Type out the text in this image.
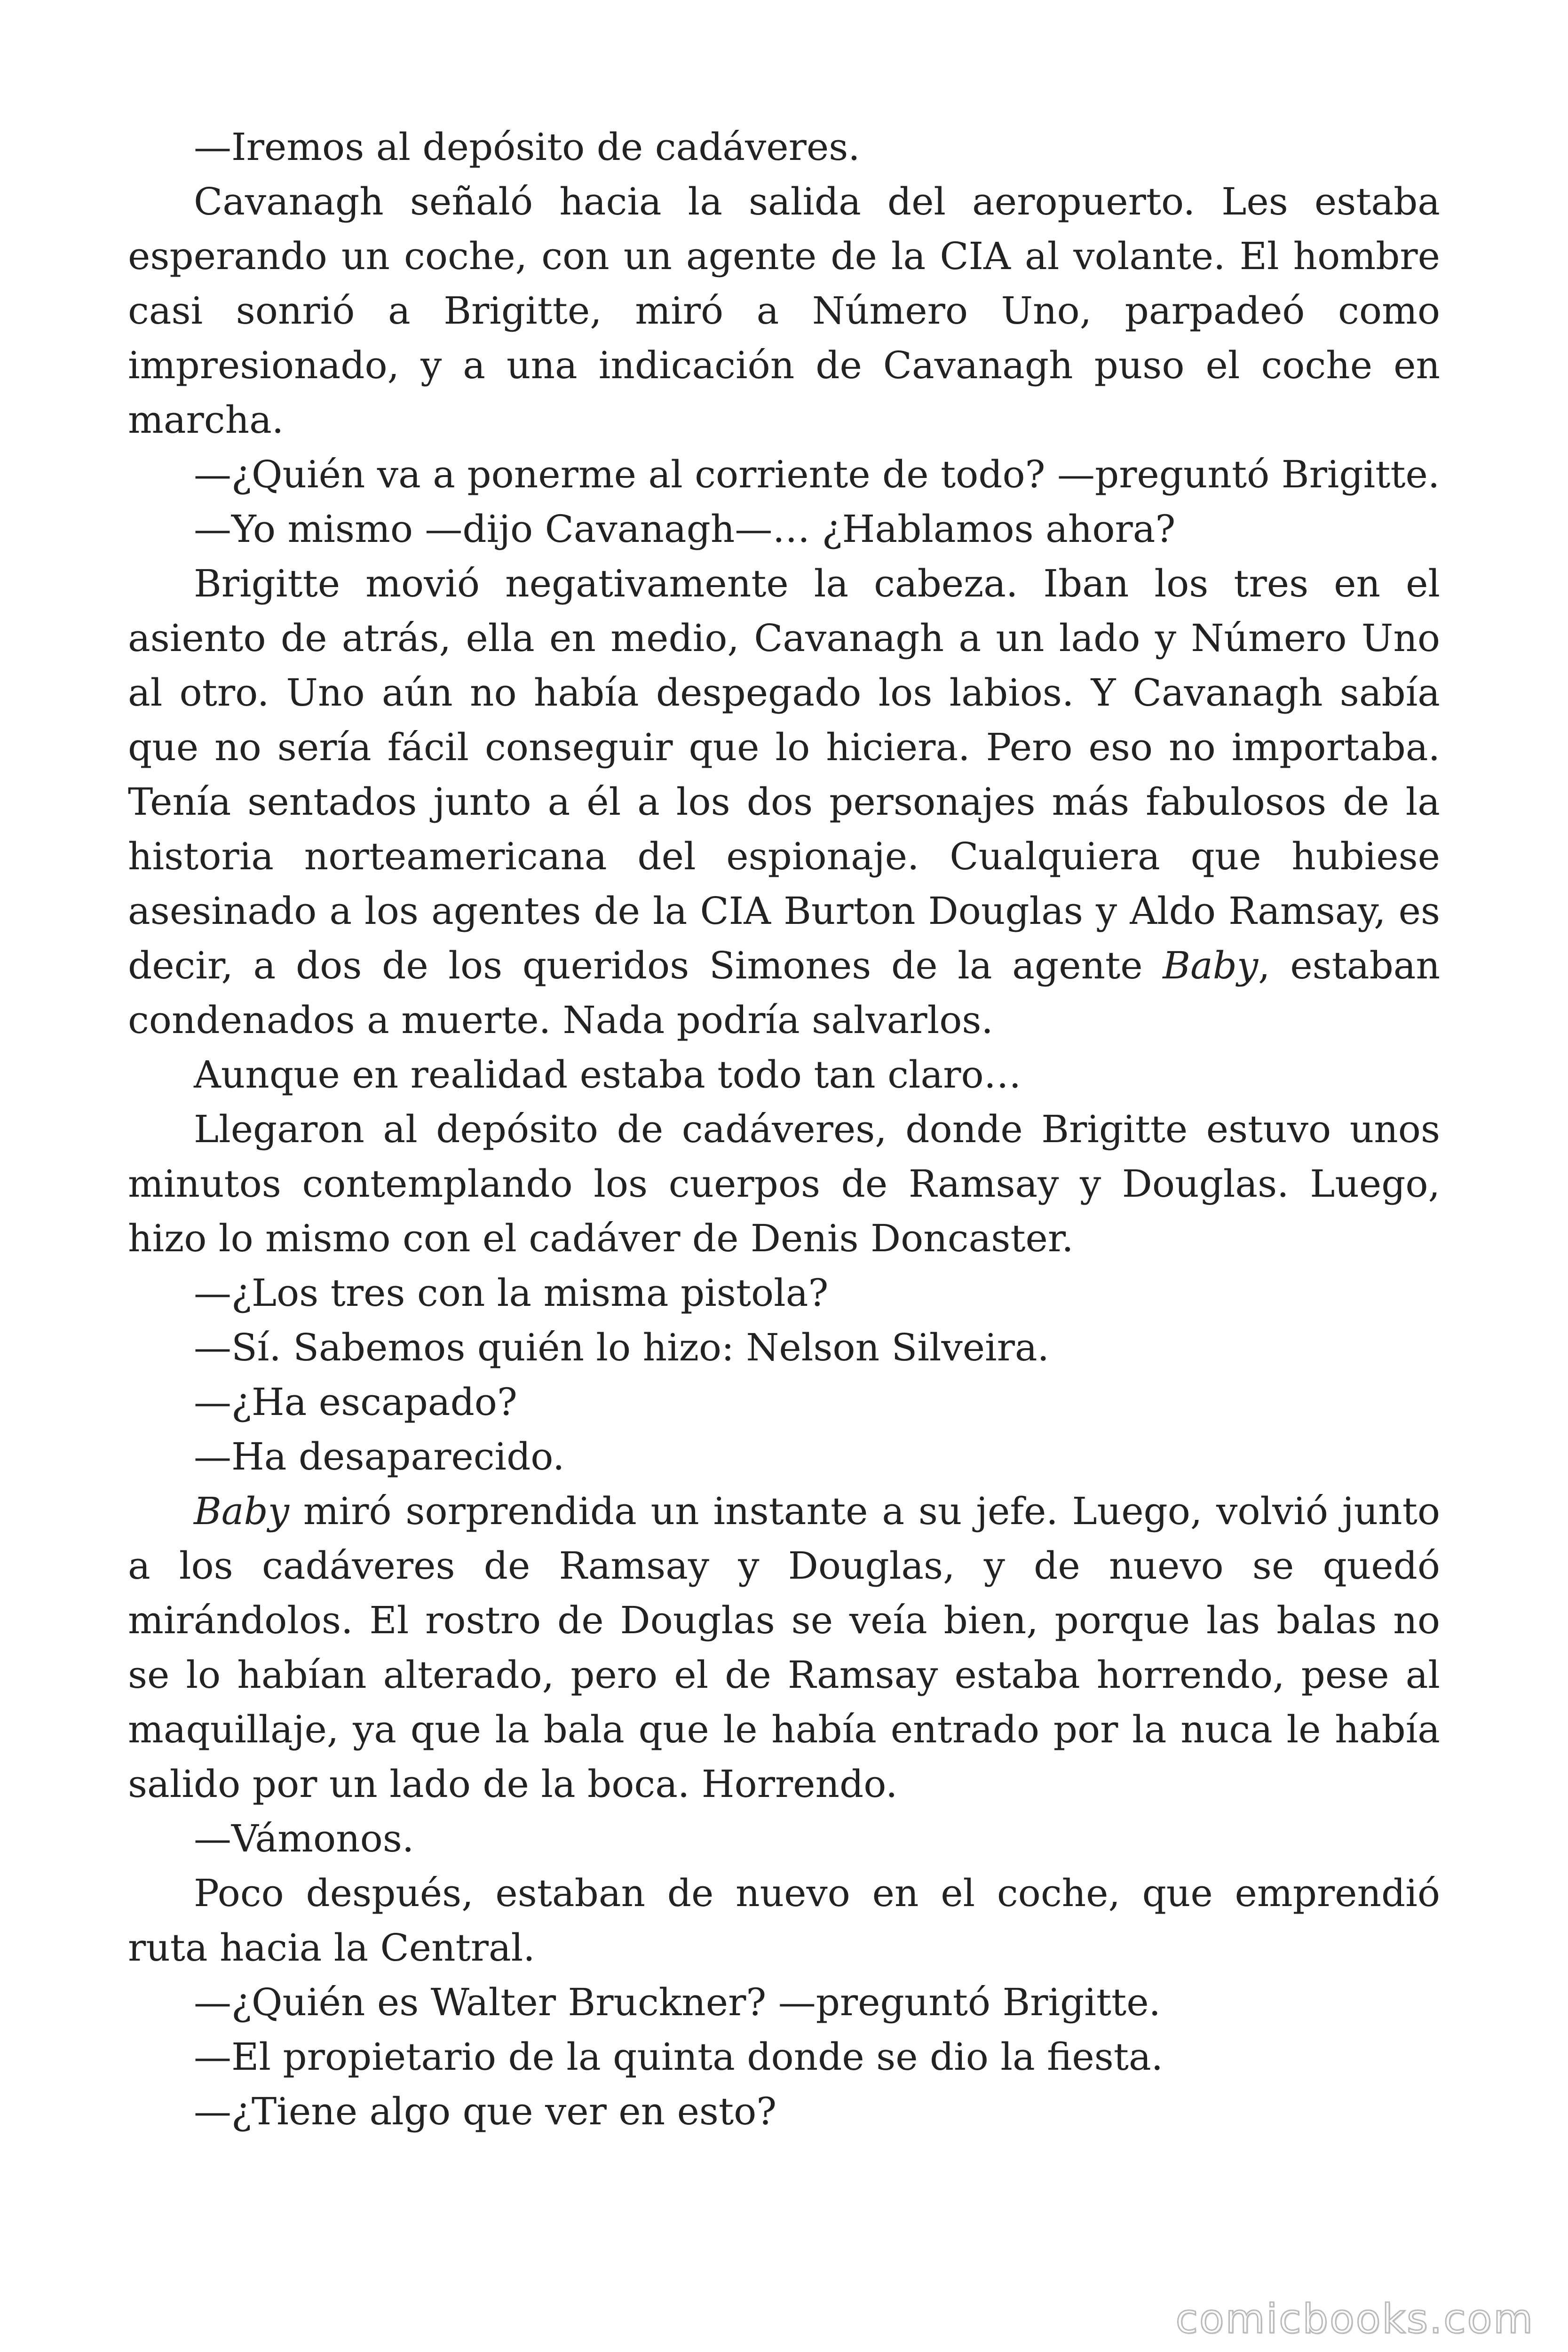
—Iremos al depósito de cadáveres.

Cavanagh señaló hacia la salida del aeropuerto. Les estaba esperando un coche, con un agente de la CIA al volante. El hombre casi sonrió a Brigitte, miró a Número Uno, parpadeó como impresionado, y a una indicación de Cavanagh puso el coche en marcha.

—¿Quién va a ponerme al corriente de todo? —preguntó Brigitte.

—Yo mismo —dijo Cavanagh—… ¿Hablamos ahora?

Brigitte movió negativamente la cabeza. Iban los tres en el asiento de atrás, ella en medio, Cavanagh a un lado y Número Uno al otro. Uno aún no había despegado los labios. Y Cavanagh sabía que no sería fácil conseguir que lo hiciera. Pero eso no importaba. Tenía sentados junto a él a los dos personajes más fabulosos de la historia norteamericana del espionaje. Cualquiera que hubiese asesinado a los agentes de la CIA Burton Douglas y Aldo Ramsay, es decir, a dos de los queridos Simones de la agente Baby, estaban condenados a muerte. Nada podría salvarlos.

Aunque en realidad estaba todo tan claro…

Llegaron al depósito de cadáveres, donde Brigitte estuvo unos minutos contemplando los cuerpos de Ramsay y Douglas. Luego, hizo lo mismo con el cadáver de Denis Doncaster.

—¿Los tres con la misma pistola?

—Sí. Sabemos quién lo hizo: Nelson Silveira.

—¿Ha escapado?

—Ha desaparecido.

Baby miró sorprendida un instante a su jefe. Luego, volvió junto a los cadáveres de Ramsay y Douglas, y de nuevo se quedó mirándolos. El rostro de Douglas se veía bien, porque las balas no se lo habían alterado, pero el de Ramsay estaba horrendo, pese al maquillaje, ya que la bala que le había entrado por la nuca le había salido por un lado de la boca. Horrendo.

—Vámonos.

Poco después, estaban de nuevo en el coche, que emprendió ruta hacia la Central.

—¿Quién es Walter Bruckner? —preguntó Brigitte.

—El propietario de la quinta donde se dio la fiesta.

—¿Tiene algo que ver en esto?

comicbooks.com
